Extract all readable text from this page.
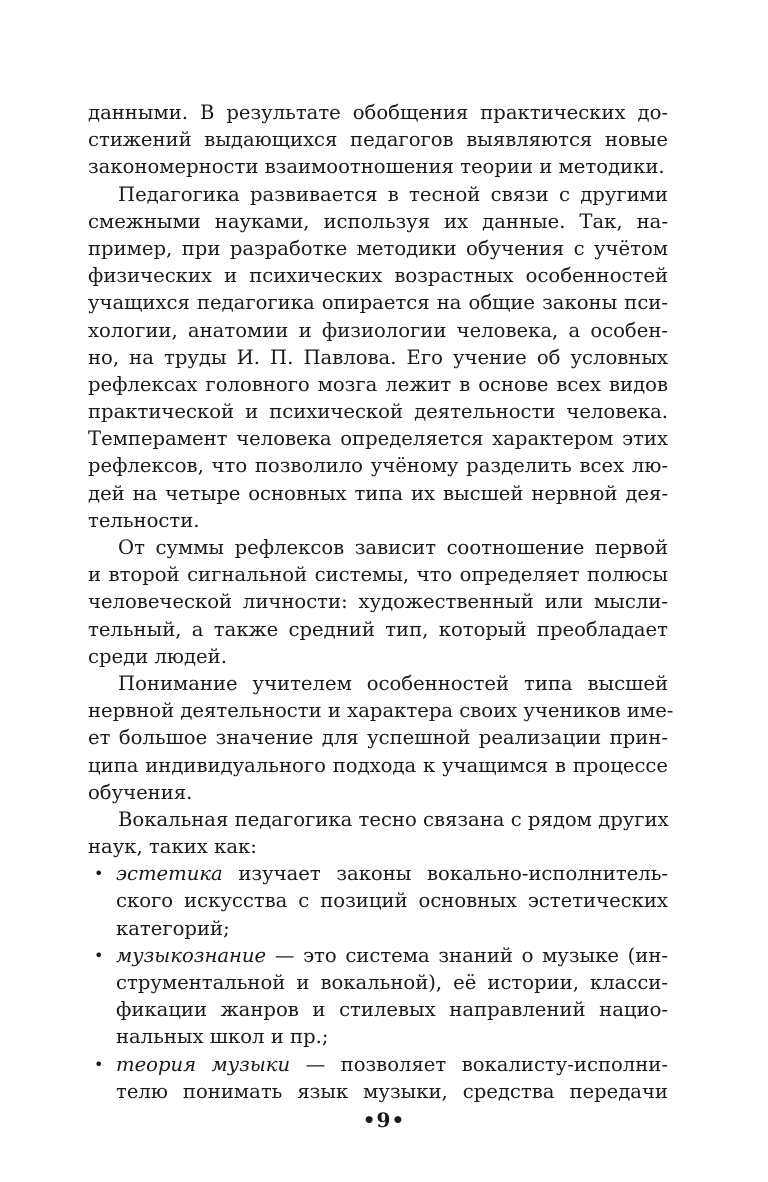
данными. В результате обобщения практических до-
стижений выдающихся педагогов выявляются новые
закономерности взаимоотношения теории и методики.
Педагогика развивается в тесной связи с другими
смежными науками, используя их данные. Так, на-
пример, при разработке методики обучения с учётом
физических и психических возрастных особенностей
учащихся педагогика опирается на общие законы пси-
хологии, анатомии и физиологии человека, а особен-
но, на труды И. П. Павлова. Его учение об условных
рефлексах головного мозга лежит в основе всех видов
практической и психической деятельности человека.
Темперамент человека определяется характером этих
рефлексов, что позволило учёному разделить всех лю-
дей на четыре основных типа их высшей нервной дея-
тельности.
От суммы рефлексов зависит соотношение первой
и второй сигнальной системы, что определяет полюсы
человеческой личности: художественный или мысли-
тельный, а также средний тип, который преобладает
среди людей.
Понимание учителем особенностей типа высшей
нервной деятельности и характера своих учеников име-
ет большое значение для успешной реализации прин-
ципа индивидуального подхода к учащимся в процессе
обучения.
Вокальная педагогика тесно связана с рядом других
наук, таких как:
• эстетика изучает законы вокально-исполнитель-
ского искусства с позиций основных эстетических
категорий;
• музыкознание — это система знаний о музыке (ин-
струментальной и вокальной), её истории, класси-
фикации жанров и стилевых направлений нацио-
нальных школ и пр.;
• теория музыки — позволяет вокалисту-исполни-
телю понимать язык музыки, средства передачи
•9•
